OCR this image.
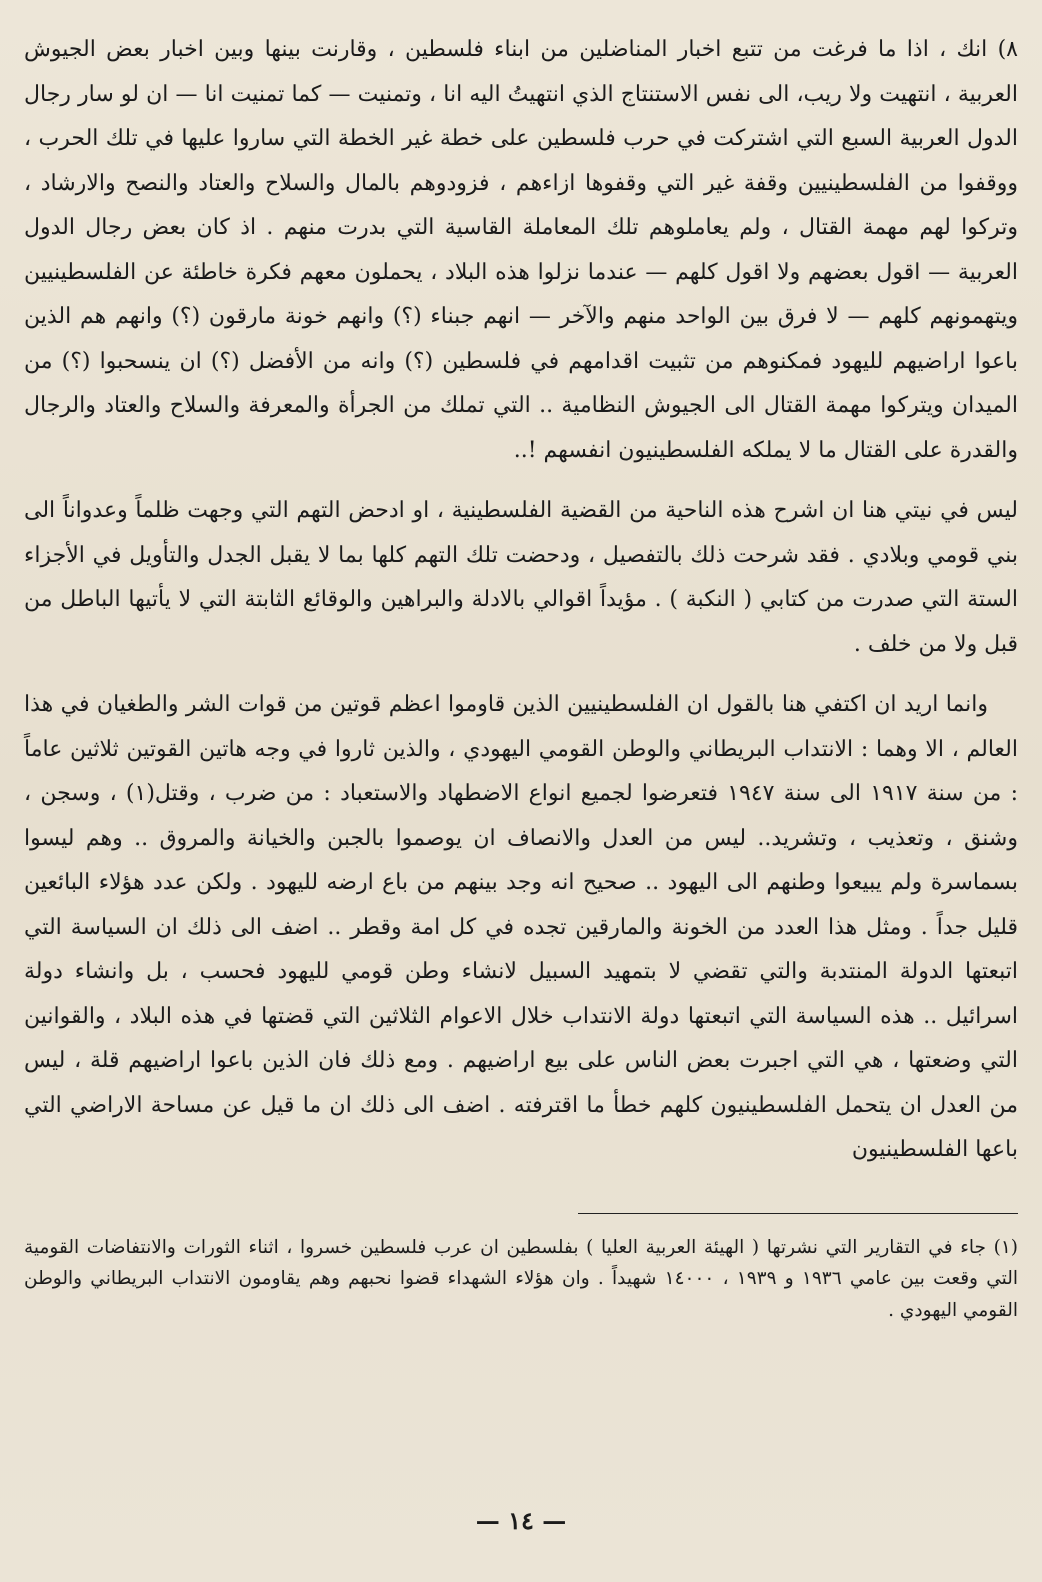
٨) انك ، اذا ما فرغت من تتبع اخبار المناضلين من ابناء فلسطين ، وقارنت بينها وبين اخبار بعض الجيوش العربية ، انتهيت ولا ريب، الى نفس الاستنتاج الذي انتهيتُ اليه انا ، وتمنيت — كما تمنيت انا — ان لو سار رجال الدول العربية السبع التي اشتركت في حرب فلسطين على خطة غير الخطة التي ساروا عليها في تلك الحرب ، ووقفوا من الفلسطينيين وقفة غير التي وقفوها ازاءهم ، فزودوهم بالمال والسلاح والعتاد والنصح والارشاد ، وتركوا لهم مهمة القتال ، ولم يعاملوهم تلك المعاملة القاسية التي بدرت منهم . اذ كان بعض رجال الدول العربية — اقول بعضهم ولا اقول كلهم — عندما نزلوا هذه البلاد ، يحملون معهم فكرة خاطئة عن الفلسطينيين ويتهمونهم كلهم — لا فرق بين الواحد منهم والآخر — انهم جبناء (؟) وانهم خونة مارقون (؟) وانهم هم الذين باعوا اراضيهم لليهود فمكنوهم من تثبيت اقدامهم في فلسطين (؟) وانه من الأفضل (؟) ان ينسحبوا (؟) من الميدان ويتركوا مهمة القتال الى الجيوش النظامية .. التي تملك من الجرأة والمعرفة والسلاح والعتاد والرجال والقدرة على القتال ما لا يملكه الفلسطينيون انفسهم !..

ليس في نيتي هنا ان اشرح هذه الناحية من القضية الفلسطينية ، او ادحض التهم التي وجهت ظلماً وعدواناً الى بني قومي وبلادي . فقد شرحت ذلك بالتفصيل ، ودحضت تلك التهم كلها بما لا يقبل الجدل والتأويل في الأجزاء الستة التي صدرت من كتابي ( النكبة ) . مؤيداً اقوالي بالادلة والبراهين والوقائع الثابتة التي لا يأتيها الباطل من قبل ولا من خلف .

وانما اريد ان اكتفي هنا بالقول ان الفلسطينيين الذين قاوموا اعظم قوتين من قوات الشر والطغيان في هذا العالم ، الا وهما : الانتداب البريطاني والوطن القومي اليهودي ، والذين ثاروا في وجه هاتين القوتين ثلاثين عاماً : من سنة ١٩١٧ الى سنة ١٩٤٧ فتعرضوا لجميع انواع الاضطهاد والاستعباد : من ضرب ، وقتل(١) ، وسجن ، وشنق ، وتعذيب ، وتشريد.. ليس من العدل والانصاف ان يوصموا بالجبن والخيانة والمروق .. وهم ليسوا بسماسرة ولم يبيعوا وطنهم الى اليهود .. صحيح انه وجد بينهم من باع ارضه لليهود . ولكن عدد هؤلاء البائعين قليل جداً . ومثل هذا العدد من الخونة والمارقين تجده في كل امة وقطر .. اضف الى ذلك ان السياسة التي اتبعتها الدولة المنتدبة والتي تقضي لا بتمهيد السبيل لانشاء وطن قومي لليهود فحسب ، بل وانشاء دولة اسرائيل .. هذه السياسة التي اتبعتها دولة الانتداب خلال الاعوام الثلاثين التي قضتها في هذه البلاد ، والقوانين التي وضعتها ، هي التي اجبرت بعض الناس على بيع اراضيهم . ومع ذلك فان الذين باعوا اراضيهم قلة ، ليس من العدل ان يتحمل الفلسطينيون كلهم خطأ ما اقترفته . اضف الى ذلك ان ما قيل عن مساحة الاراضي التي باعها الفلسطينيون

(١) جاء في التقارير التي نشرتها ( الهيئة العربية العليا ) بفلسطين ان عرب فلسطين خسروا ، اثناء الثورات والانتفاضات القومية التي وقعت بين عامي ١٩٣٦ و ١٩٣٩ ، ١٤٠٠٠ شهيداً . وان هؤلاء الشهداء قضوا نحبهم وهم يقاومون الانتداب البريطاني والوطن القومي اليهودي .

— ١٤ —
